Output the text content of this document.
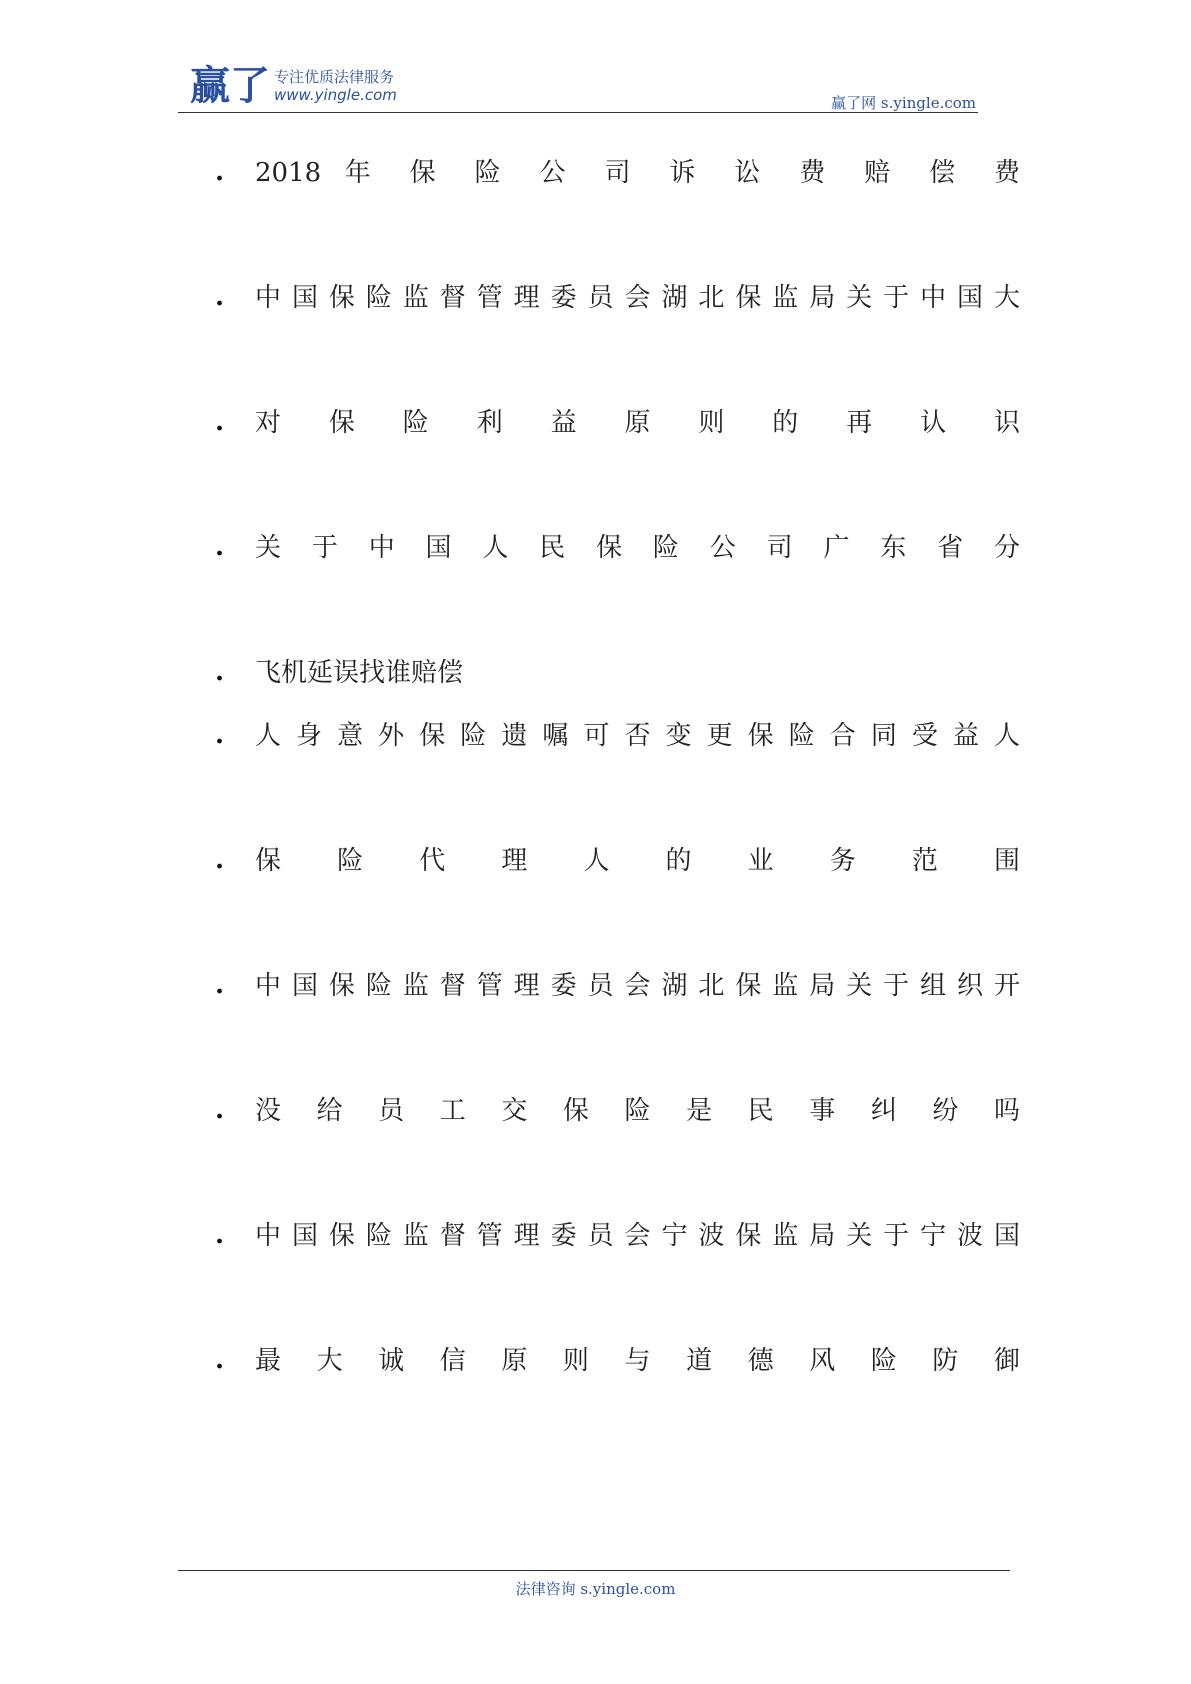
赢了 专注优质法律服务
www.yingle.com	赢了网 s.yingle.com
.	2018 年 保 险 公 司 诉 讼 费 赔 偿 费
.	中国保险监督管理委员会湖北保监局关于中国大
.	对 保 险 利 益 原 则 的 再 认 识
.	关 于 中 国 人 民 保 险 公 司 广 东 省 分
.	飞机延误找谁赔偿
.	人身意外保险遗嘱可否变更保险合同受益人
.	保 险 代 理 人 的 业 务 范 围
.	中国保险监督管理委员会湖北保监局关于组织开
.	没 给 员 工 交 保 险 是 民 事 纠 纷 吗
.	中国保险监督管理委员会宁波保监局关于宁波国
.	最 大 诚 信 原 则 与 道 德 风 险 防 御
法律咨询 s.yingle.com
